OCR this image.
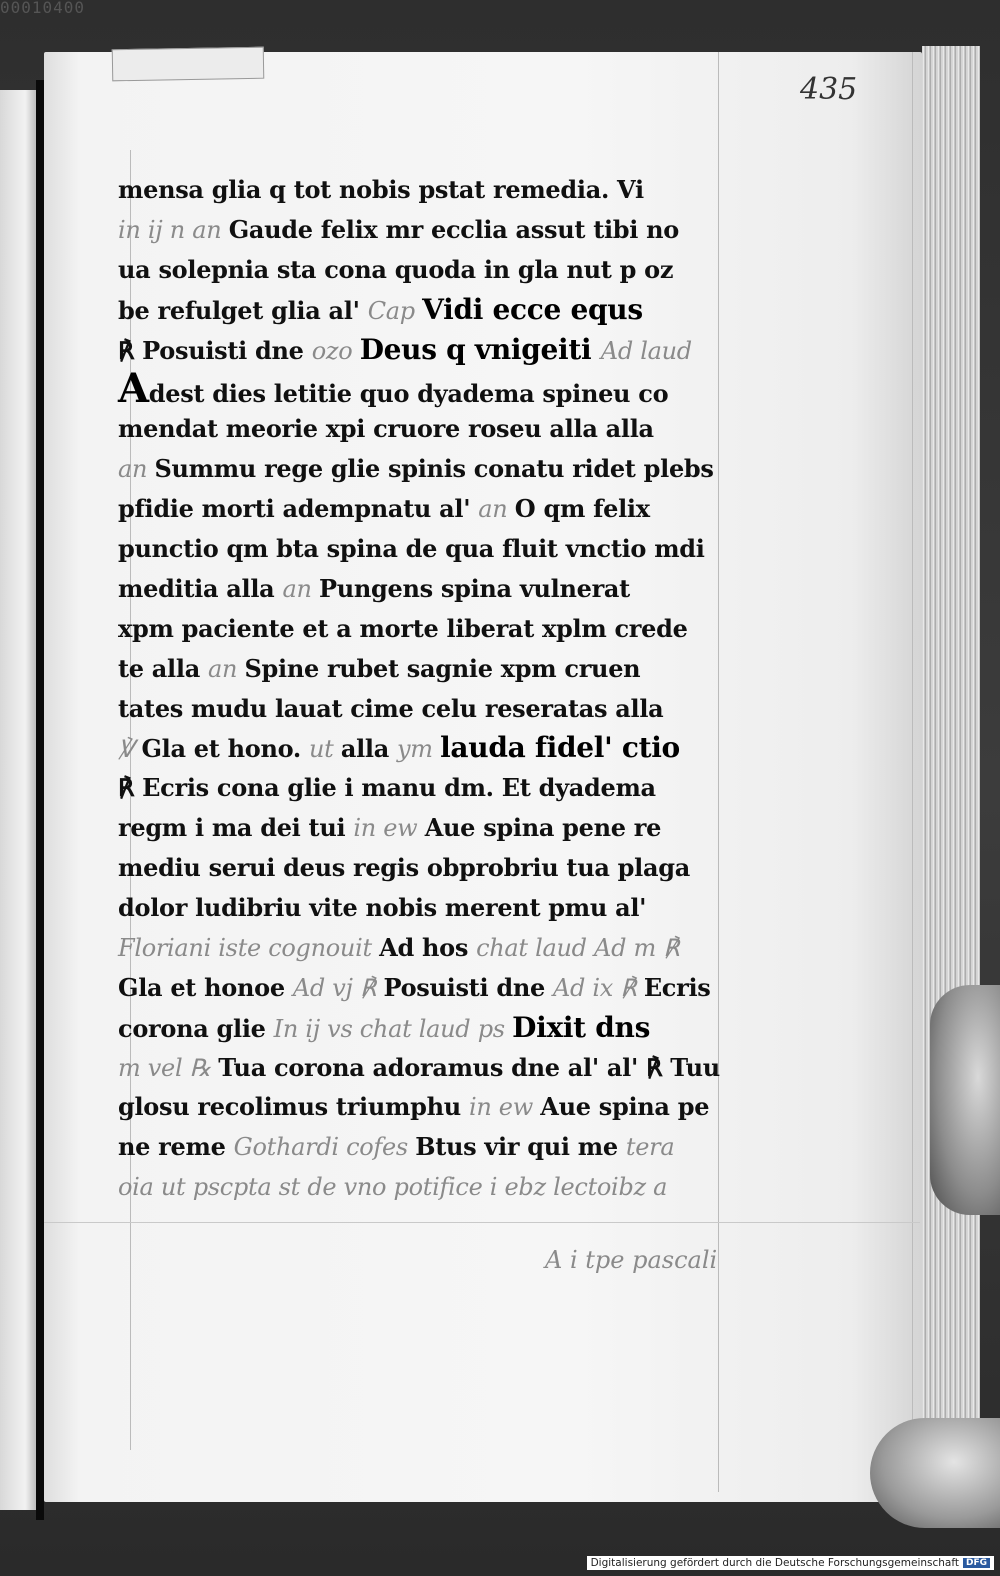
00010400
435
mensa glia q tot nobis pstat remedia. Vi
in ij n an Gaude felix mr ecclia assut tibi no
ua solepnia sta cona quoda in gla nut p oz
be refulget glia al' Cap Vidi ecce equs
℟ Posuisti dne ozo Deus q vnigeiti Ad laud
Adest dies letitie quo dyadema spineu co
mendat meorie xpi cruore roseu alla alla
an Summu rege glie spinis conatu ridet plebs
pfidie morti adempnatu al' an O qm felix
punctio qm bta spina de qua fluit vnctio mdi
meditia alla an Pungens spina vulnerat
xpm paciente et a morte liberat xplm crede
te alla an Spine rubet sagnie xpm cruen
tates mudu lauat cime celu reseratas alla
℣ Gla et hono. ut alla ym lauda fidel' ctio
℟ Ecris cona glie i manu dm. Et dyadema
regm i ma dei tui in ew Aue spina pene re
mediu serui deus regis obprobriu tua plaga
dolor ludibriu vite nobis merent pmu al'
Floriani iste cognouit Ad hos chat laud Ad m ℟
Gla et honoe Ad vj ℟ Posuisti dne Ad ix ℟ Ecris
corona glie In ij vs chat laud ps Dixit dns
m vel ℞ Tua corona adoramus dne al' al' ℟ Tuu
glosu recolimus triumphu in ew Aue spina pe
ne reme Gothardi cofes Btus vir qui me tera
oia ut pscpta st de vno potifice i ebz lectoibz a
A i tpe pascali
Digitalisierung gefördert durch die Deutsche Forschungsgemeinschaft DFG
